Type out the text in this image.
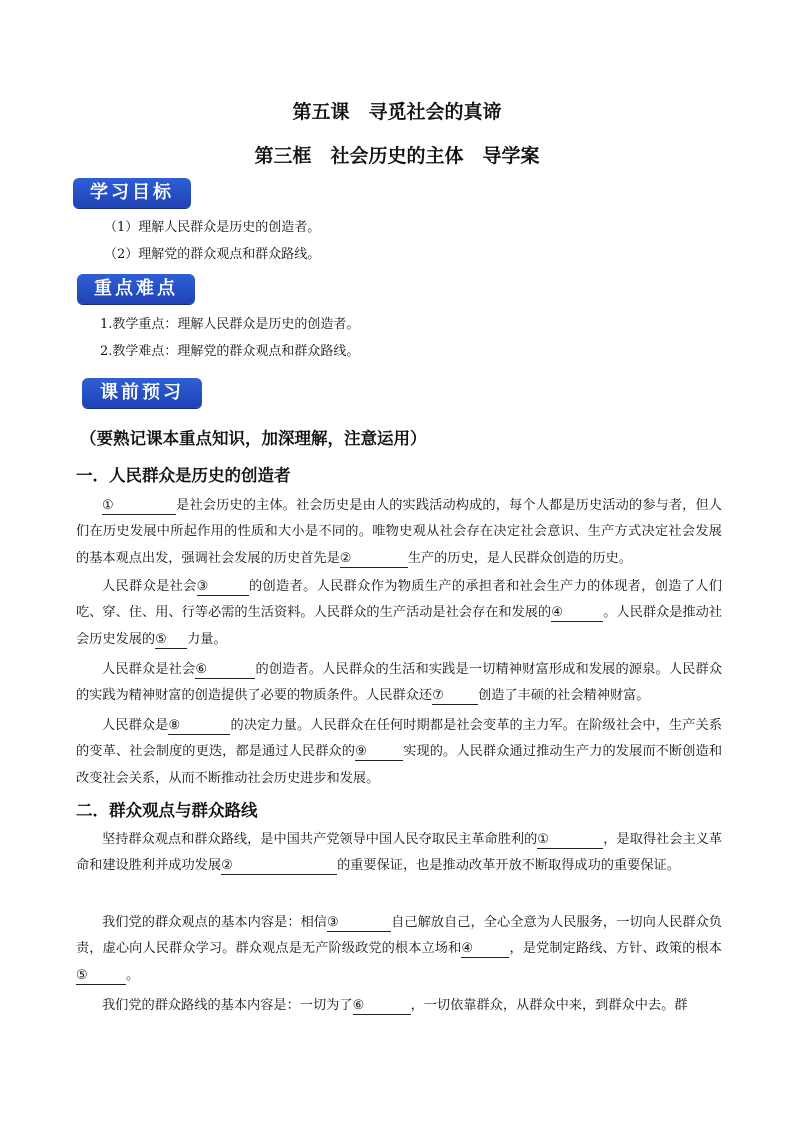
第五课　寻觅社会的真谛
第三框　社会历史的主体　导学案
学习目标
（1）理解人民群众是历史的创造者。
（2）理解党的群众观点和群众路线。
重点难点
1.教学重点：理解人民群众是历史的创造者。
2.教学难点：理解党的群众观点和群众路线。
课前预习
（要熟记课本重点知识，加深理解，注意运用）
一．人民群众是历史的创造者
①	是社会历史的主体。社会历史是由人的实践活动构成的，每个人都是历史活动的参与者，但人们在历史发展中所起作用的性质和大小是不同的。唯物史观从社会存在决定社会意识、生产方式决定社会发展的基本观点出发，强调社会发展的历史首先是②	生产的历史，是人民群众创造的历史。
人民群众是社会③	的创造者。人民群众作为物质生产的承担者和社会生产力的体现者，创造了人们吃、穿、住、用、行等必需的生活资料。人民群众的生产活动是社会存在和发展的④	。人民群众是推动社会历史发展的⑤ 力量。
人民群众是社会⑥	的创造者。人民群众的生活和实践是一切精神财富形成和发展的源泉。人民群众的实践为精神财富的创造提供了必要的物质条件。人民群众还⑦	创造了丰硕的社会精神财富。
人民群众是⑧	的决定力量。人民群众在任何时期都是社会变革的主力军。在阶级社会中，生产关系的变革、社会制度的更迭，都是通过人民群众的⑨	实现的。人民群众通过推动生产力的发展而不断创造和改变社会关系，从而不断推动社会历史进步和发展。
二．群众观点与群众路线
坚持群众观点和群众路线，是中国共产党领导中国人民夺取民主革命胜利的①	，是取得社会主义革命和建设胜利并成功发展②	的重要保证，也是推动改革开放不断取得成功的重要保证。
我们党的群众观点的基本内容是：相信③	自己解放自己，全心全意为人民服务，一切向人民群众负责，虚心向人民群众学习。群众观点是无产阶级政党的根本立场和④	，是党制定路线、方针、政策的根本⑤	。
我们党的群众路线的基本内容是：一切为了⑥	，一切依靠群众，从群众中来，到群众中去。群
